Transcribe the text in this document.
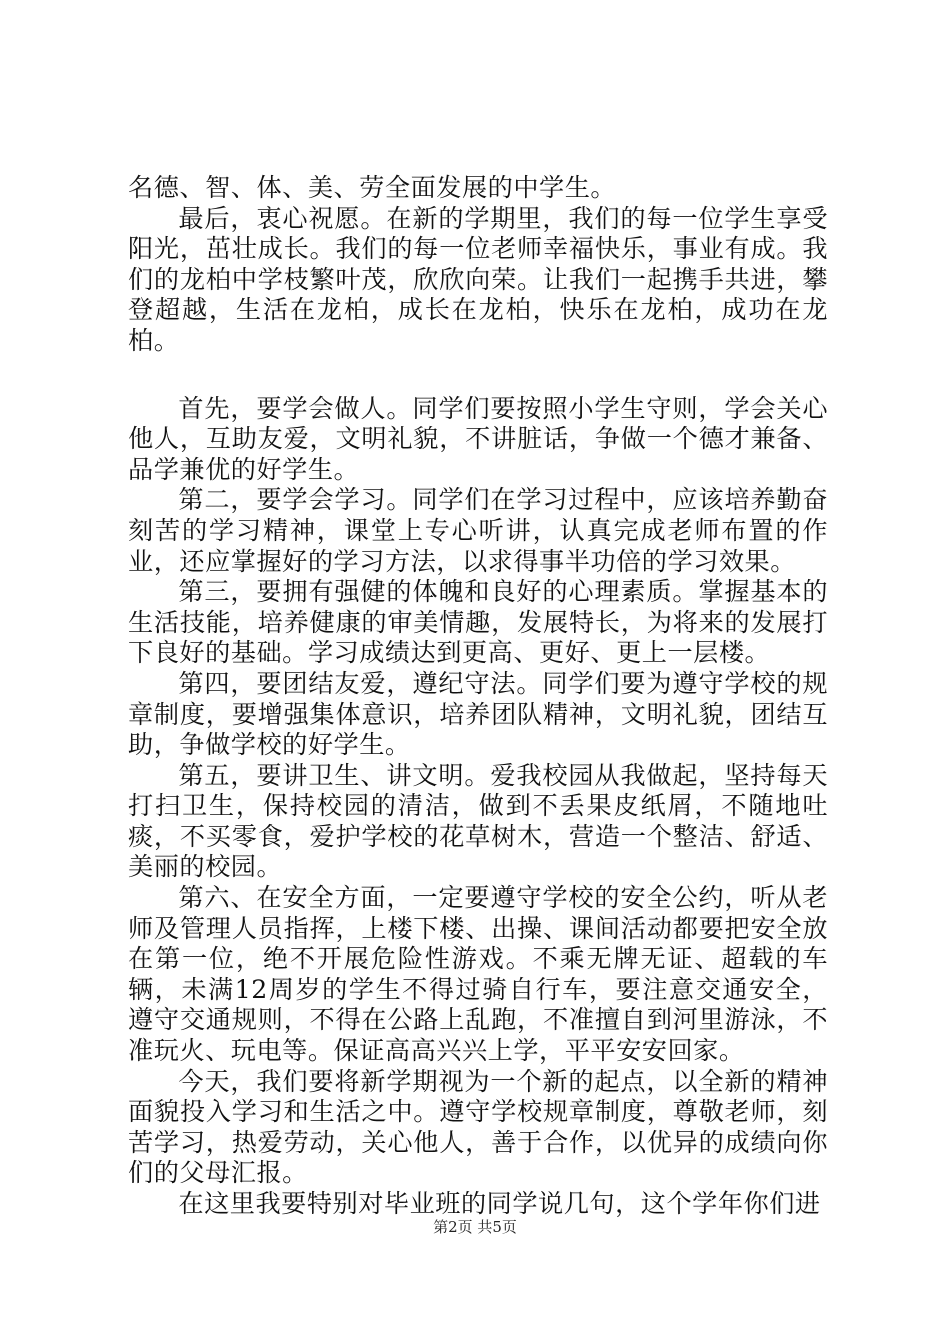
名德、智、体、美、劳全面发展的中学生。

最后，衷心祝愿。在新的学期里，我们的每一位学生享受阳光，茁壮成长。我们的每一位老师幸福快乐，事业有成。我们的龙柏中学枝繁叶茂，欣欣向荣。让我们一起携手共进，攀登超越，生活在龙柏，成长在龙柏，快乐在龙柏，成功在龙柏。

首先，要学会做人。同学们要按照小学生守则，学会关心他人，互助友爱，文明礼貌，不讲脏话，争做一个德才兼备、品学兼优的好学生。

第二，要学会学习。同学们在学习过程中，应该培养勤奋刻苦的学习精神，课堂上专心听讲，认真完成老师布置的作业，还应掌握好的学习方法，以求得事半功倍的学习效果。

第三，要拥有强健的体魄和良好的心理素质。掌握基本的生活技能，培养健康的审美情趣，发展特长，为将来的发展打下良好的基础。学习成绩达到更高、更好、更上一层楼。

第四，要团结友爱，遵纪守法。同学们要为遵守学校的规章制度，要增强集体意识，培养团队精神，文明礼貌，团结互助，争做学校的好学生。

第五，要讲卫生、讲文明。爱我校园从我做起，坚持每天打扫卫生，保持校园的清洁，做到不丢果皮纸屑，不随地吐痰，不买零食，爱护学校的花草树木，营造一个整洁、舒适、美丽的校园。

第六、在安全方面，一定要遵守学校的安全公约，听从老师及管理人员指挥，上楼下楼、出操、课间活动都要把安全放在第一位，绝不开展危险性游戏。不乘无牌无证、超载的车辆，未满12周岁的学生不得过骑自行车，要注意交通安全，遵守交通规则，不得在公路上乱跑，不准擅自到河里游泳，不准玩火、玩电等。保证高高兴兴上学，平平安安回家。

今天，我们要将新学期视为一个新的起点，以全新的精神面貌投入学习和生活之中。遵守学校规章制度，尊敬老师，刻苦学习，热爱劳动，关心他人，善于合作，以优异的成绩向你们的父母汇报。

在这里我要特别对毕业班的同学说几句，这个学年你们进

第2页 共5页
